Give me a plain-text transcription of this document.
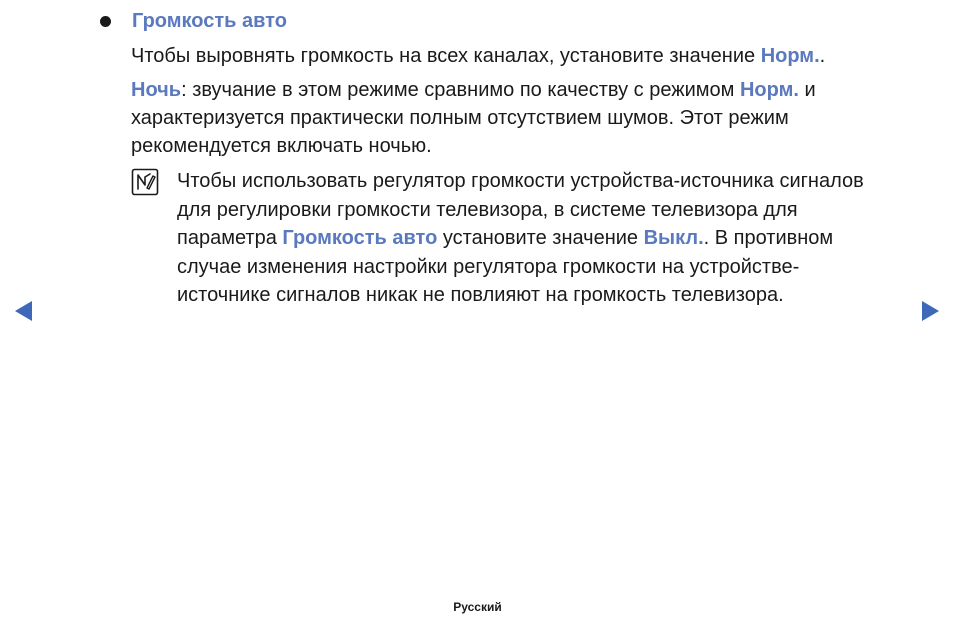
Громкость авто
Чтобы выровнять громкость на всех каналах, установите значение Норм..
Ночь: звучание в этом режиме сравнимо по качеству с режимом Норм. и характеризуется практически полным отсутствием шумов. Этот режим рекомендуется включать ночью.
Чтобы использовать регулятор громкости устройства-источника сигналов для регулировки громкости телевизора, в системе телевизора для параметра Громкость авто установите значение Выкл.. В противном случае изменения настройки регулятора громкости на устройстве-источнике сигналов никак не повлияют на громкость телевизора.
Русский
